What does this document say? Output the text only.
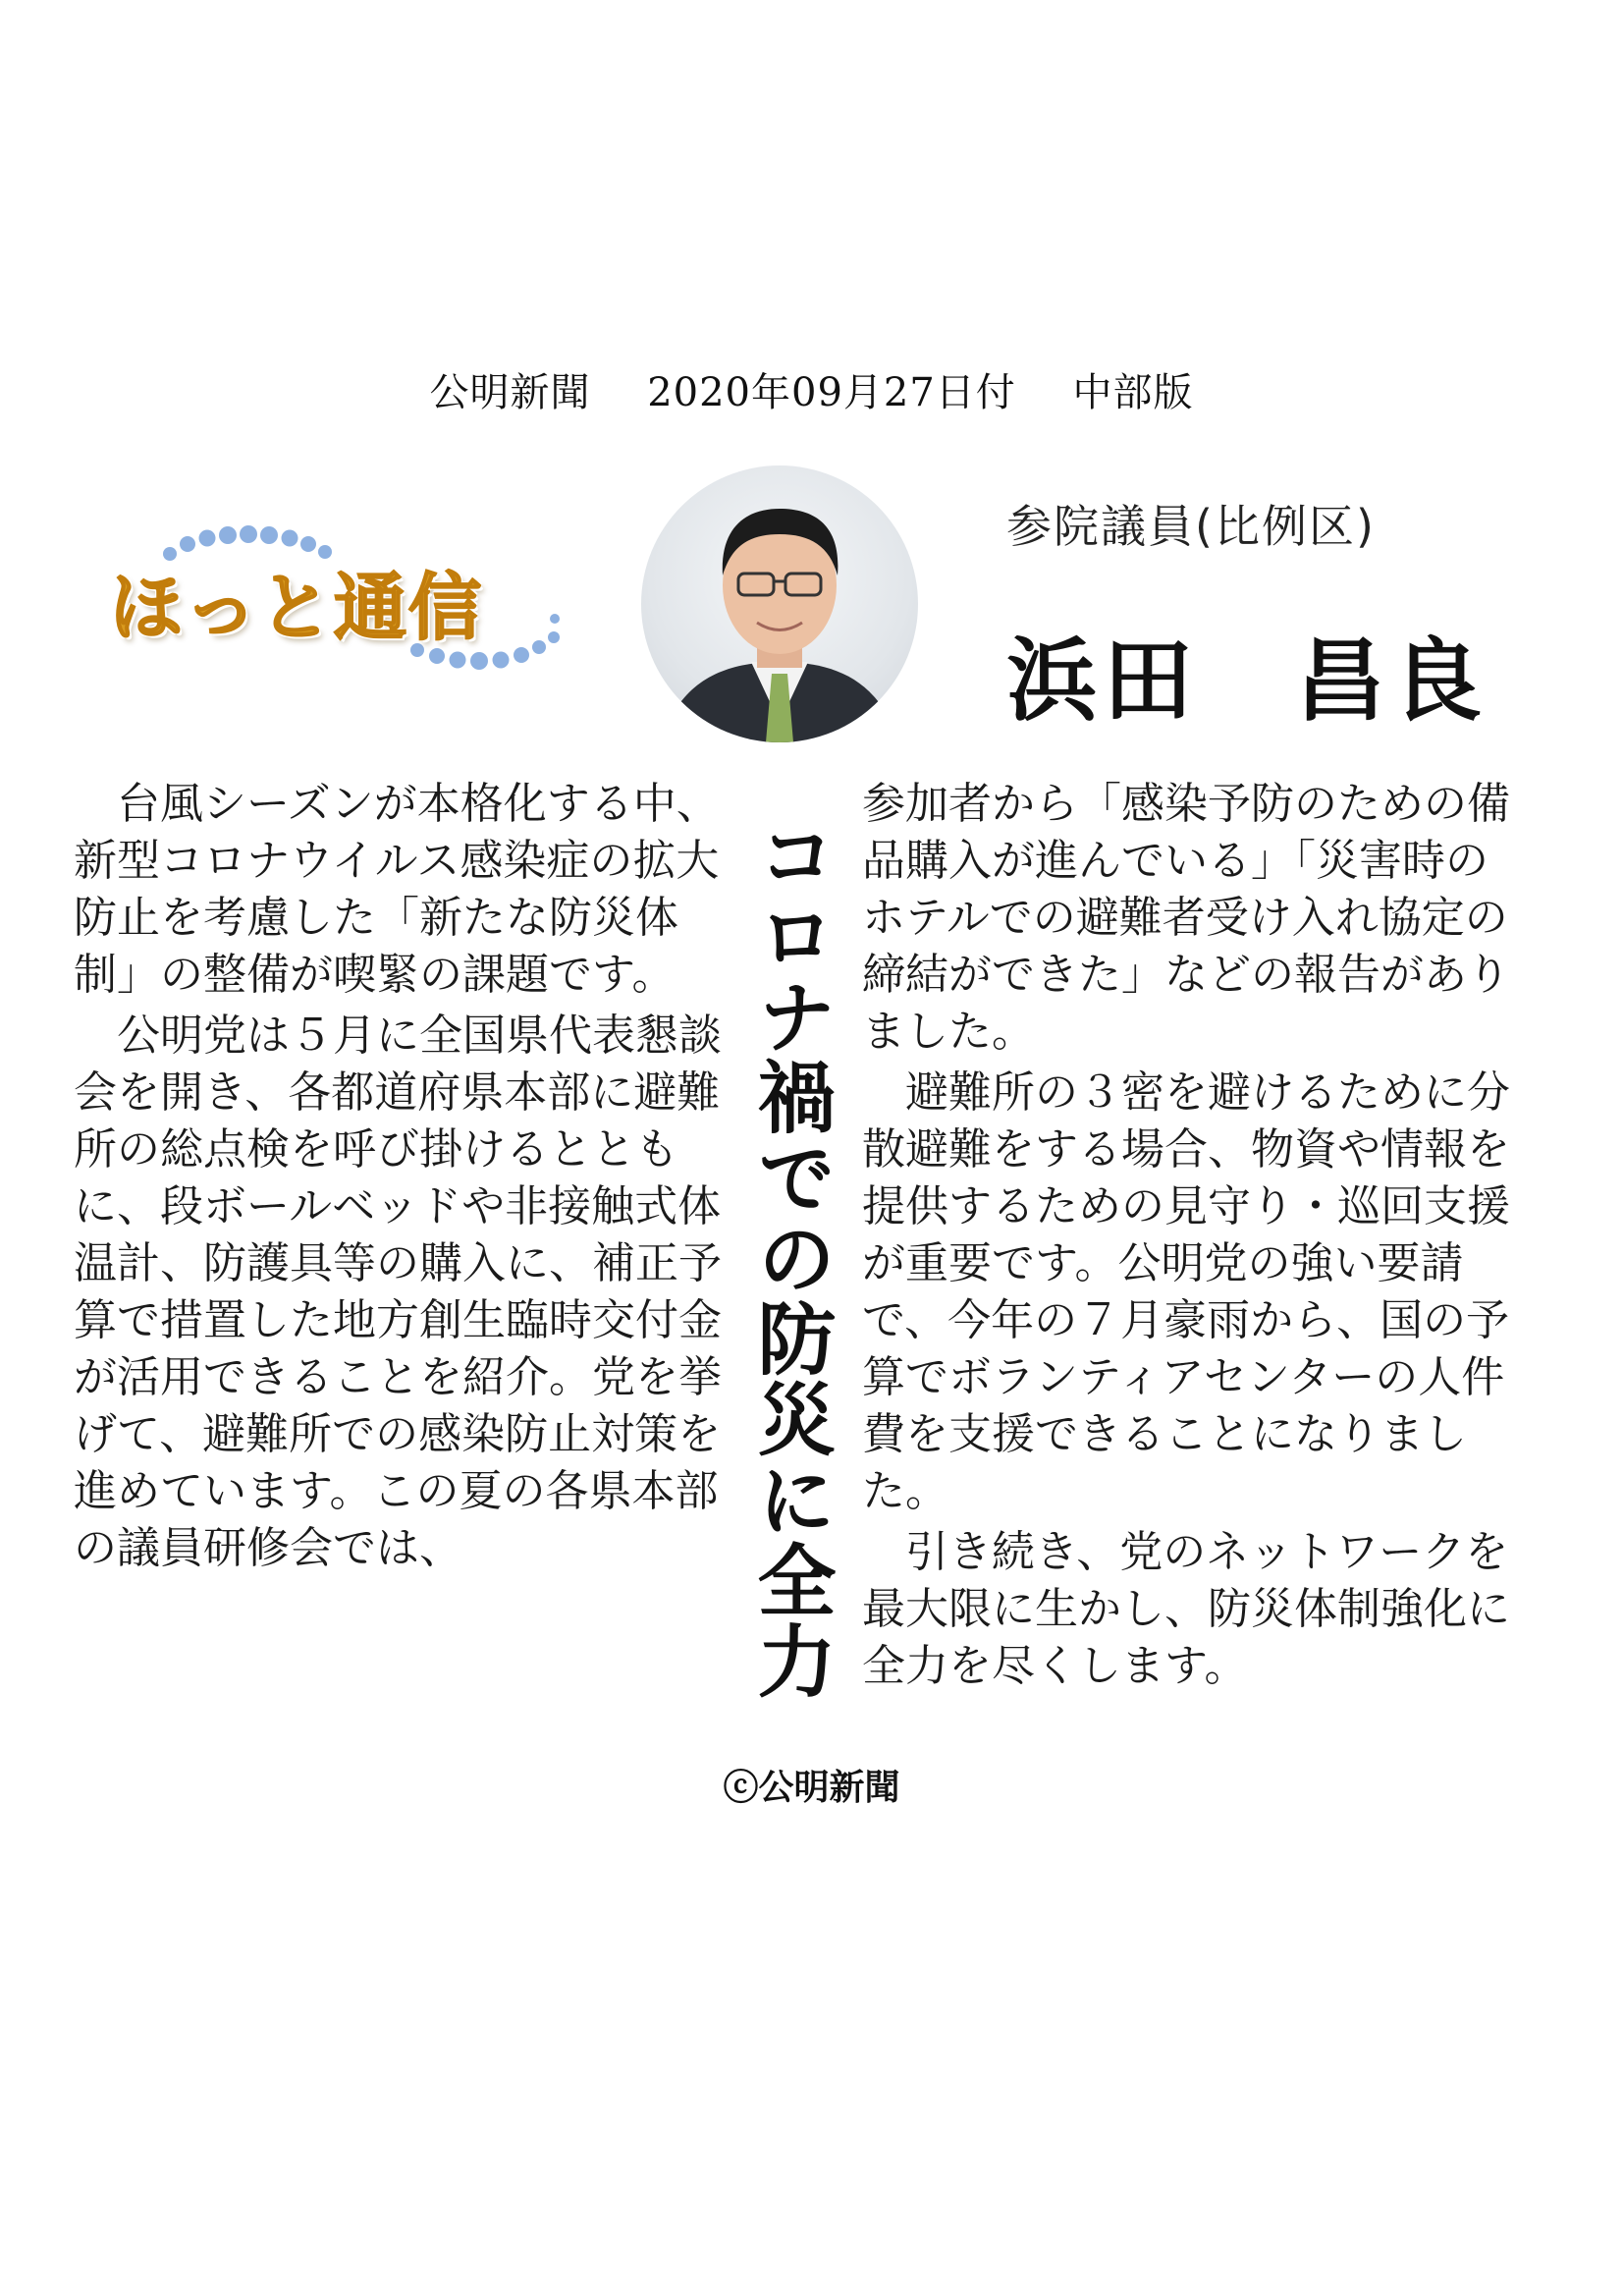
公明新聞 2020年09月27日付 中部版
ほっと通信
参院議員(比例区)
浜田　昌良

台風シーズンが本格化する中、新型コロナウイルス感染症の拡大防止を考慮した「新たな防災体制」の整備が喫緊の課題です。

公明党は５月に全国県代表懇談会を開き、各都道府県本部に避難所の総点検を呼び掛けるとともに、段ボールベッドや非接触式体温計、防護具等の購入に、補正予算で措置した地方創生臨時交付金が活用できることを紹介。党を挙げて、避難所での感染防止対策を進めています。この夏の各県本部の議員研修会では、	コロナ禍での防災に全力

参加者から「感染予防のための備品購入が進んでいる」「災害時のホテルでの避難者受け入れ協定の締結ができた」などの報告がありました。

避難所の３密を避けるために分散避難をする場合、物資や情報を提供するための見守り・巡回支援が重要です。公明党の強い要請で、今年の７月豪雨から、国の予算でボランティアセンターの人件費を支援できることになりました。

引き続き、党のネットワークを最大限に生かし、防災体制強化に全力を尽くします。

ⓒ公明新聞
